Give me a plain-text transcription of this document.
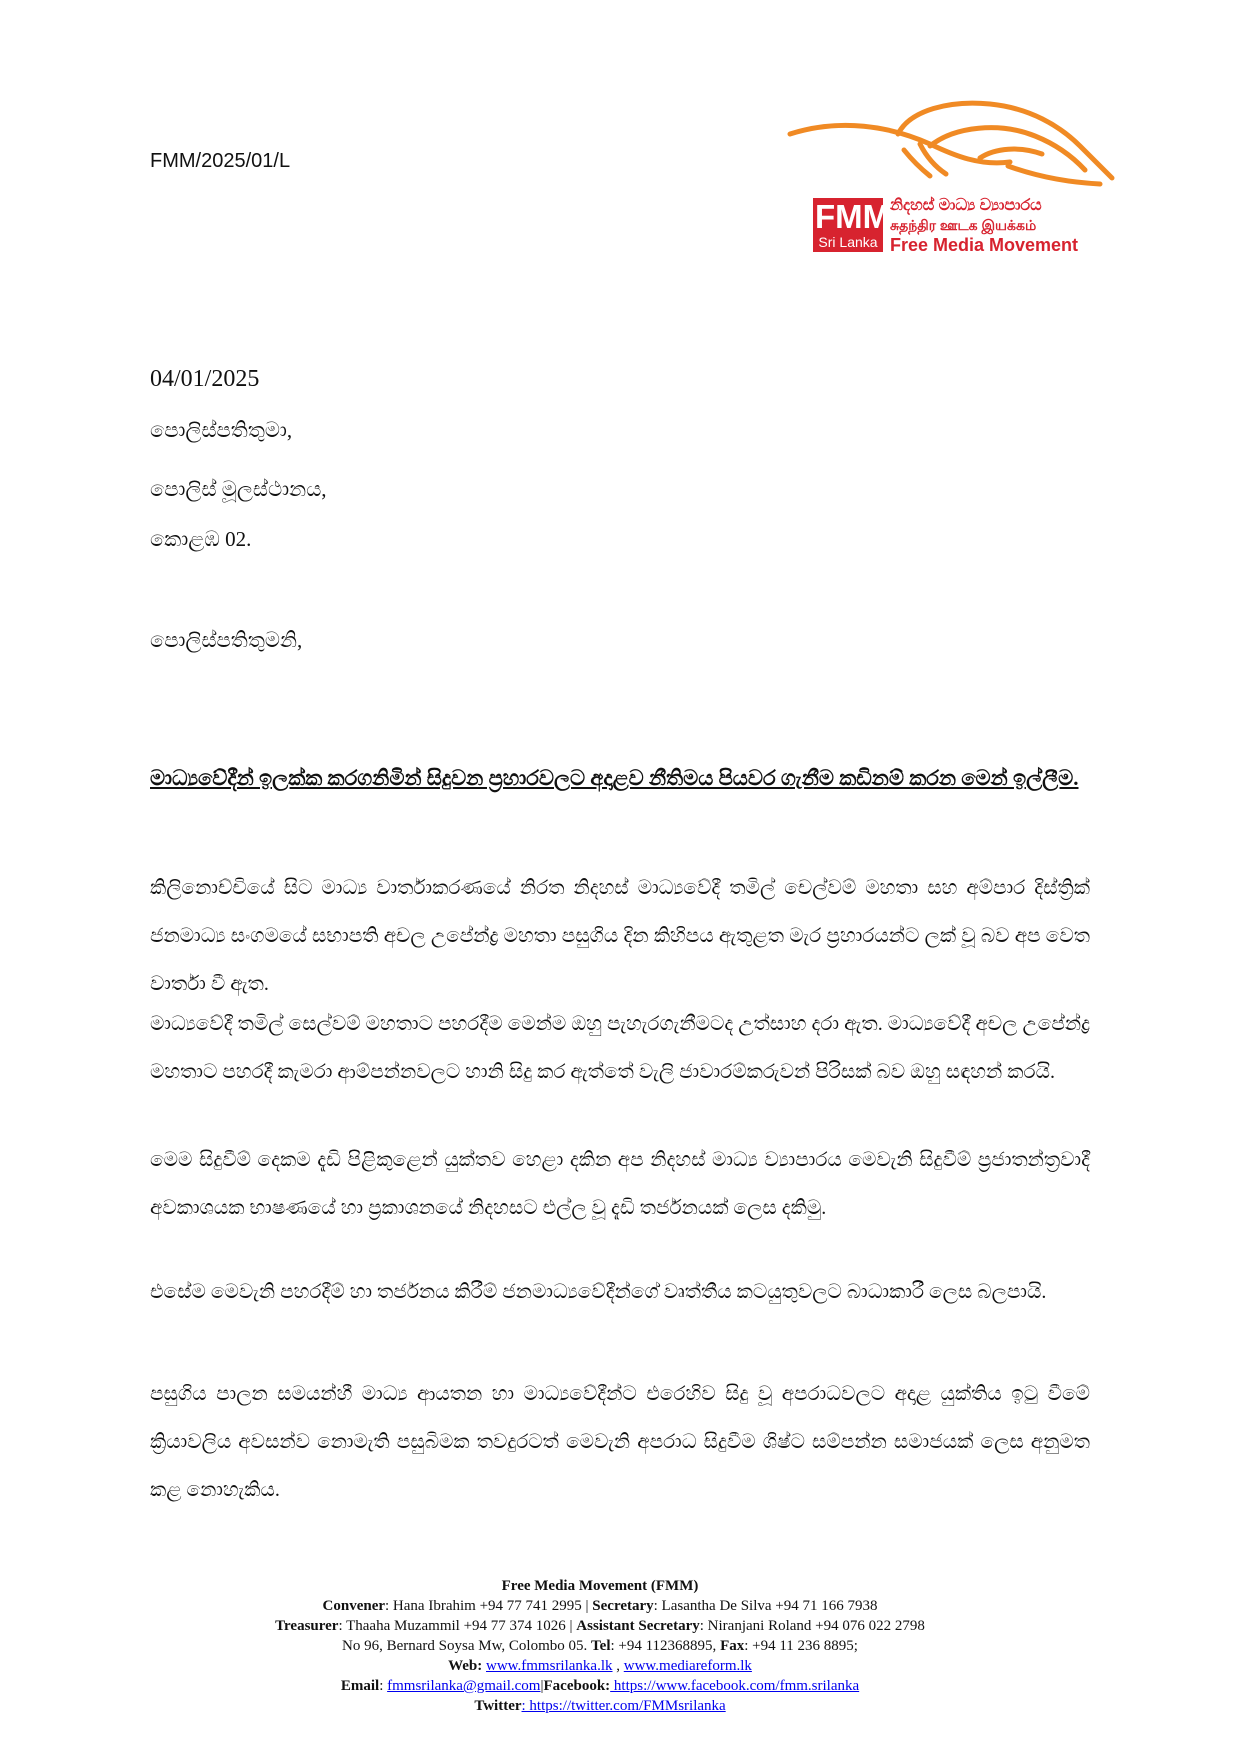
FMM/2025/01/L
FMM
Sri Lanka
නිදහස් මාධ්‍ය ව්‍යාපාරය
சுதந்திர ஊடக இயக்கம்
Free Media Movement
04/01/2025
පොලිස්පතිතුමා,
පොලිස් මූලස්ථානය,
කොළඹ 02.
පොලිස්පතිතුමනි,
මාධ්‍යවේදීන් ඉලක්ක කරගනිමින් සිදුවන ප්‍රහාරවලට අදාළව නීතිමය පියවර ගැනීම කඩිනම් කරන මෙන් ඉල්ලීම.
කිලිනොච්චියේ සිට මාධ්‍ය වාර්තාකරණයේ නිරත නිදහස් මාධ්‍යවේදී තමිල් චෙල්වම් මහතා සහ අම්පාර දිස්ත්‍රික් ජනමාධ්‍ය සංගමයේ සභාපති අචල උපේන්ද්‍ර මහතා පසුගිය දින කිහිපය ඇතුළත මැර ප්‍රහාරයන්ට ලක් වූ බව අප වෙත වාර්තා වී ඇත.
මාධ්‍යවේදී තමිල් සෙල්වම් මහතාට පහරදීම මෙන්ම ඔහු පැහැරගැනීමටද උත්සාහ දරා ඇත. මාධ්‍යවේදී අචල උපේන්ද්‍ර මහතාට පහරදී කැමරා ආම්පන්නවලට හානි සිදු කර ඇත්තේ වැලි ජාවාරම්කරුවන් පිරිසක් බව ඔහු සඳහන් කරයි.
මෙම සිදුවීම් දෙකම දැඩි පිළිකුළෙන් යුක්තව හෙළා දකින අප නිදහස් මාධ්‍ය ව්‍යාපාරය මෙවැනි සිදුවීම් ප්‍රජාතන්ත්‍රවාදී අවකාශයක භාෂණයේ හා ප්‍රකාශනයේ නිදහසට එල්ල වූ දැඩි තර්ජනයක් ලෙස දකිමු.
එසේම මෙවැනි පහරදීම් හා තර්ජනය කිරීම් ජනමාධ්‍යවේදීන්ගේ වෘත්තීය කටයුතුවලට බාධාකාරී ලෙස බලපායි.
පසුගිය පාලන සමයන්හී මාධ්‍ය ආයතන හා මාධ්‍යවේදීන්ට එරෙහිව සිදු වූ අපරාධවලට අදාළ යුක්තිය ඉටු වීමේ ක්‍රියාවලිය අවසන්ව නොමැති පසුබිමක තවදුරටත් මෙවැනි අපරාධ සිදුවීම ශිෂ්ට සම්පන්න සමාජයක් ලෙස අනුමත කළ නොහැකිය.
Free Media Movement (FMM)
Convener: Hana Ibrahim +94 77 741 2995 | Secretary: Lasantha De Silva +94 71 166 7938
Treasurer: Thaaha Muzammil +94 77 374 1026 | Assistant Secretary: Niranjani Roland +94 076 022 2798
No 96, Bernard Soysa Mw, Colombo 05. Tel: +94 112368895, Fax: +94 11 236 8895;
Web: www.fmmsrilanka.lk , www.mediareform.lk
Email: fmmsrilanka@gmail.com|Facebook: https://www.facebook.com/fmm.srilanka
Twitter: https://twitter.com/FMMsrilanka
